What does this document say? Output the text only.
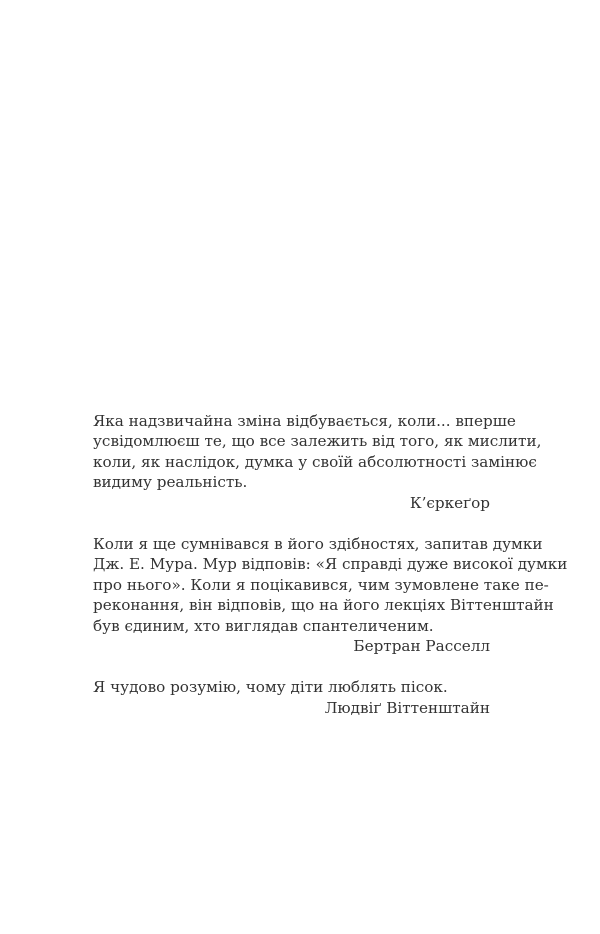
Яка надзвичайна зміна відбувається, коли... вперше
усвідомлюєш те, що все залежить від того, як мислити,
коли, як наслідок, думка у своїй абсолютності замінює
видиму реальність.

К’єркеґор

Коли я ще сумнівався в його здібностях, запитав думки
Дж. Е. Мура. Мур відповів: «Я справді дуже високої думки
про нього». Коли я поцікавився, чим зумовлене таке пе-
реконання, він відповів, що на його лекціях Віттенштайн
був єдиним, хто виглядав спантеличеним.

Бертран Расселл

Я чудово розумію, чому діти люблять пісок.

Людвіґ Віттенштайн
